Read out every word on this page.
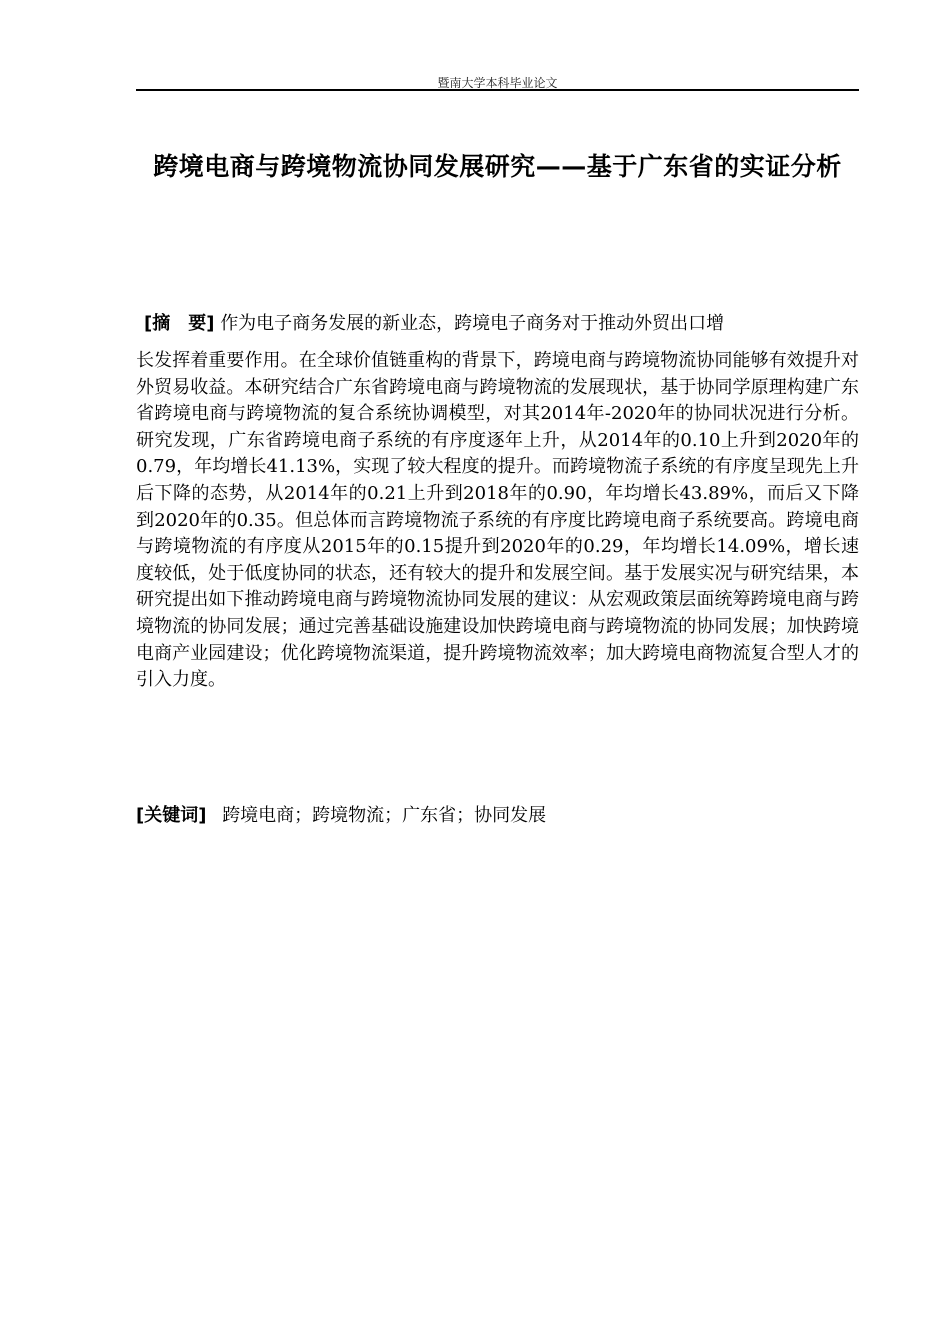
暨南大学本科毕业论文
跨境电商与跨境物流协同发展研究——基于广东省的实证分析
[摘　要] 作为电子商务发展的新业态，跨境电子商务对于推动外贸出口增
长发挥着重要作用。在全球价值链重构的背景下，跨境电商与跨境物流协同能够有效提升对外贸易收益。本研究结合广东省跨境电商与跨境物流的发展现状，基于协同学原理构建广东省跨境电商与跨境物流的复合系统协调模型，对其2014年-2020年的协同状况进行分析。研究发现，广东省跨境电商子系统的有序度逐年上升，从2014年的0.10上升到2020年的0.79，年均增长41.13%，实现了较大程度的提升。而跨境物流子系统的有序度呈现先上升后下降的态势，从2014年的0.21上升到2018年的0.90，年均增长43.89%，而后又下降到2020年的0.35。但总体而言跨境物流子系统的有序度比跨境电商子系统要高。跨境电商与跨境物流的有序度从2015年的0.15提升到2020年的0.29，年均增长14.09%，增长速度较低，处于低度协同的状态，还有较大的提升和发展空间。基于发展实况与研究结果，本研究提出如下推动跨境电商与跨境物流协同发展的建议：从宏观政策层面统筹跨境电商与跨境物流的协同发展；通过完善基础设施建设加快跨境电商与跨境物流的协同发展；加快跨境电商产业园建设；优化跨境物流渠道，提升跨境物流效率；加大跨境电商物流复合型人才的引入力度。
[关键词] 跨境电商；跨境物流；广东省；协同发展
